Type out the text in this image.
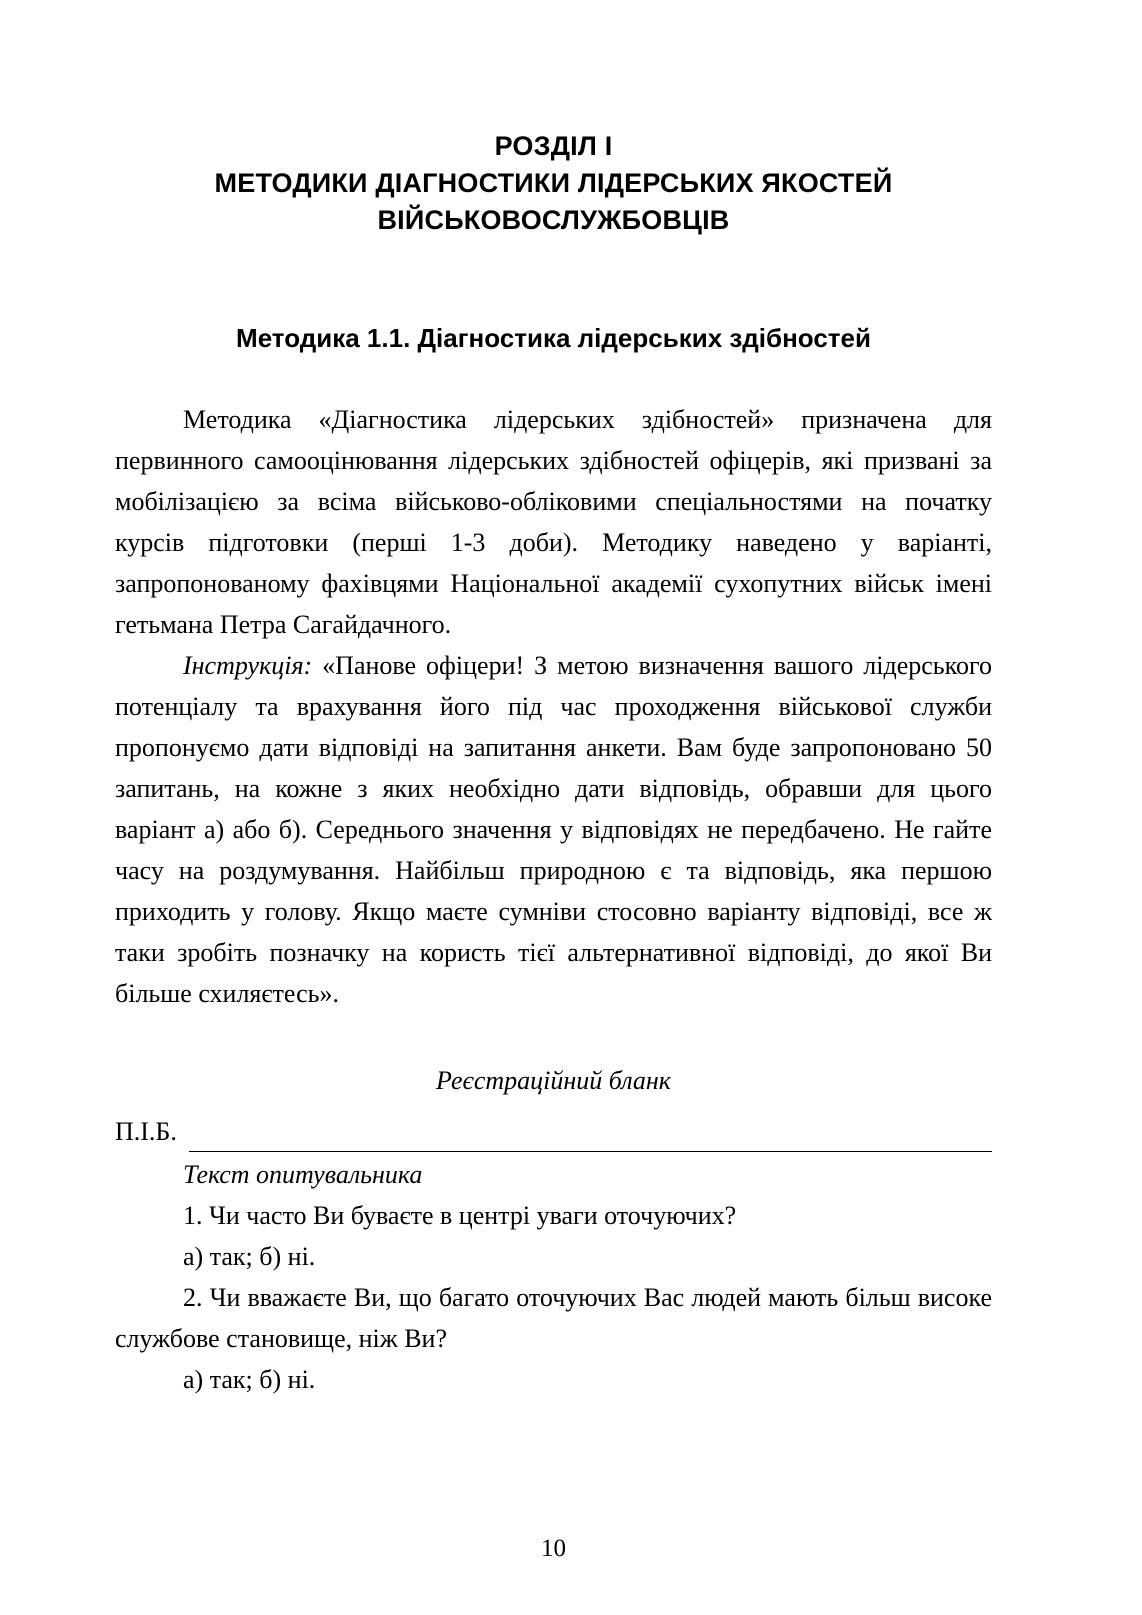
РОЗДІЛ І
МЕТОДИКИ ДІАГНОСТИКИ ЛІДЕРСЬКИХ ЯКОСТЕЙ
ВІЙСЬКОВОСЛУЖБОВЦІВ
Методика 1.1. Діагностика лідерських здібностей

Методика «Діагностика лідерських здібностей» призначена для первинного самооцінювання лідерських здібностей офіцерів, які призвані за мобілізацією за всіма військово-обліковими спеціальностями на початку курсів підготовки (перші 1-3 доби). Методику наведено у варіанті, запропонованому фахівцями Національної академії сухопутних військ імені гетьмана Петра Сагайдачного.

Інструкція: «Панове офіцери! З метою визначення вашого лідерського потенціалу та врахування його під час проходження військової служби пропонуємо дати відповіді на запитання анкети. Вам буде запропоновано 50 запитань, на кожне з яких необхідно дати відповідь, обравши для цього варіант а) або б). Середнього значення у відповідях не передбачено. Не гайте часу на роздумування. Найбільш природною є та відповідь, яка першою приходить у голову. Якщо маєте сумніви стосовно варіанту відповіді, все ж таки зробіть позначку на користь тієї альтернативної відповіді, до якої Ви більше схиляєтесь».

Реєстраційний бланк
П.І.Б.

Текст опитувальника

1. Чи часто Ви буваєте в центрі уваги оточуючих?

а) так; б) ні.

2. Чи вважаєте Ви, що багато оточуючих Вас людей мають більш високе службове становище, ніж Ви?

а) так; б) ні.

10
